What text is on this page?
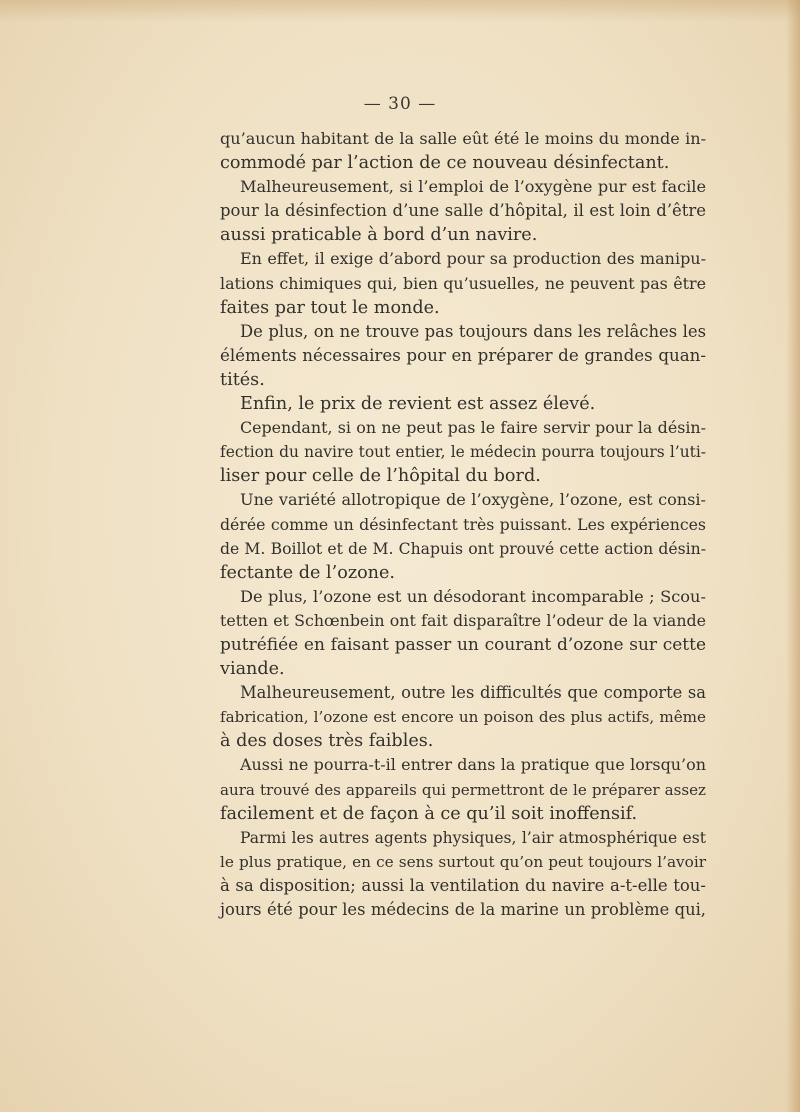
— 30 —
qu’aucun habitant de la salle eût été le moins du monde in-
commodé par l’action de ce nouveau désinfectant.
Malheureusement, si l’emploi de l’oxygène pur est facile
pour la désinfection d’une salle d’hôpital, il est loin d’être
aussi praticable à bord d’un navire.
En effet, il exige d’abord pour sa production des manipu-
lations chimiques qui, bien qu’usuelles, ne peuvent pas être
faites par tout le monde.
De plus, on ne trouve pas toujours dans les relâches les
éléments nécessaires pour en préparer de grandes quan-
tités.
Enfin, le prix de revient est assez élevé.
Cependant, si on ne peut pas le faire servir pour la désin-
fection du navire tout entier, le médecin pourra toujours l’uti-
liser pour celle de l’hôpital du bord.
Une variété allotropique de l’oxygène, l’ozone, est consi-
dérée comme un désinfectant très puissant. Les expériences
de M. Boillot et de M. Chapuis ont prouvé cette action désin-
fectante de l’ozone.
De plus, l’ozone est un désodorant incomparable ; Scou-
tetten et Schœnbein ont fait disparaître l’odeur de la viande
putréfiée en faisant passer un courant d’ozone sur cette
viande.
Malheureusement, outre les difficultés que comporte sa
fabrication, l’ozone est encore un poison des plus actifs, même
à des doses très faibles.
Aussi ne pourra-t-il entrer dans la pratique que lorsqu’on
aura trouvé des appareils qui permettront de le préparer assez
facilement et de façon à ce qu’il soit inoffensif.
Parmi les autres agents physiques, l’air atmosphérique est
le plus pratique, en ce sens surtout qu’on peut toujours l’avoir
à sa disposition; aussi la ventilation du navire a-t-elle tou-
jours été pour les médecins de la marine un problème qui,
